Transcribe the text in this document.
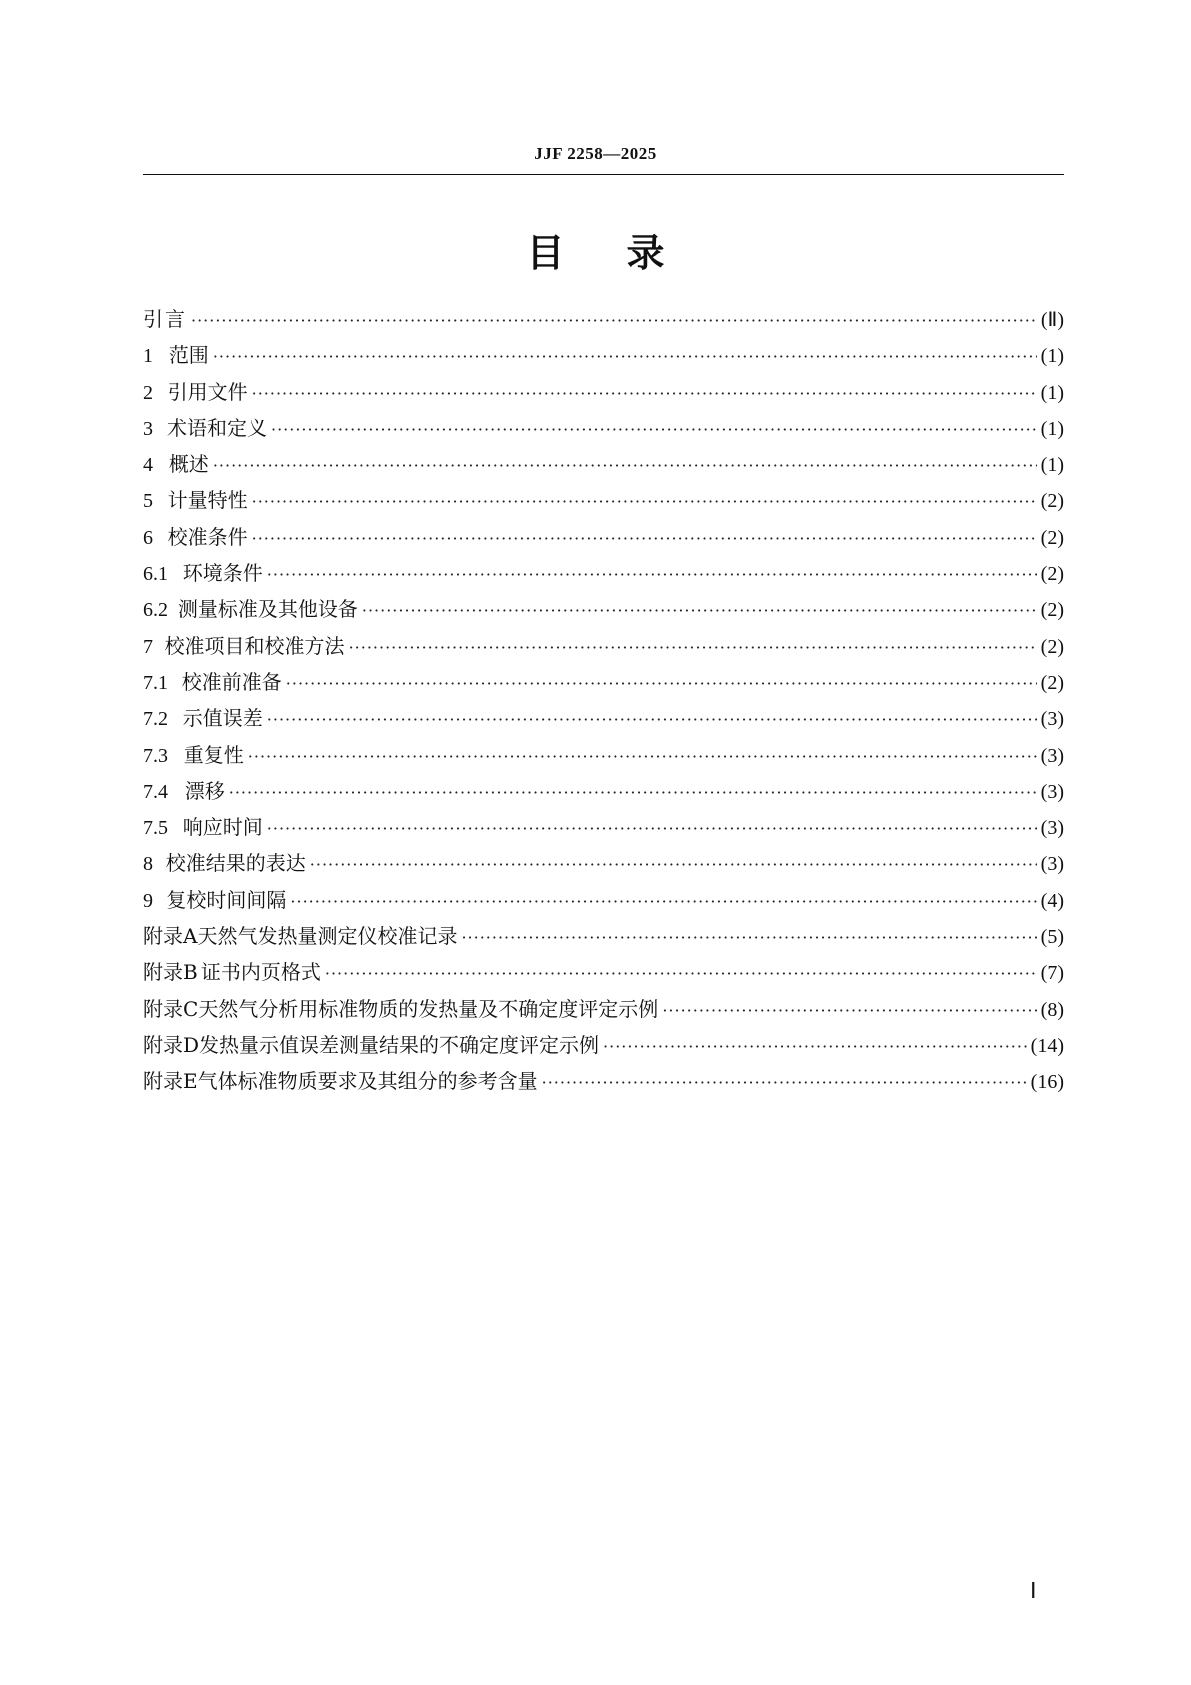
JJF 2258—2025
目录
引言 ·····	(Ⅱ)
1 范围 ·····	(1)
2 引用文件 ·····	(1)
3 术语和定义 ·····	(1)
4 概述 ·····	(1)
5 计量特性 ·····	(2)
6 校准条件 ·····	(2)
6.1 环境条件 ·····	(2)
6.2 测量标准及其他设备 ·····	(2)
7 校准项目和校准方法 ·····	(2)
7.1 校准前准备 ·····	(2)
7.2 示值误差 ·····	(3)
7.3 重复性 ·····	(3)
7.4 漂移 ·····	(3)
7.5 响应时间 ·····	(3)
8 校准结果的表达 ·····	(3)
9 复校时间间隔 ·····	(4)
附录A 天然气发热量测定仪校准记录 ·····	(5)
附录B 证书内页格式 ·····	(7)
附录C 天然气分析用标准物质的发热量及不确定度评定示例 ·····	(8)
附录D 发热量示值误差测量结果的不确定度评定示例 ·····	(14)
附录E 气体标准物质要求及其组分的参考含量 ·····	(16)
Ⅰ
